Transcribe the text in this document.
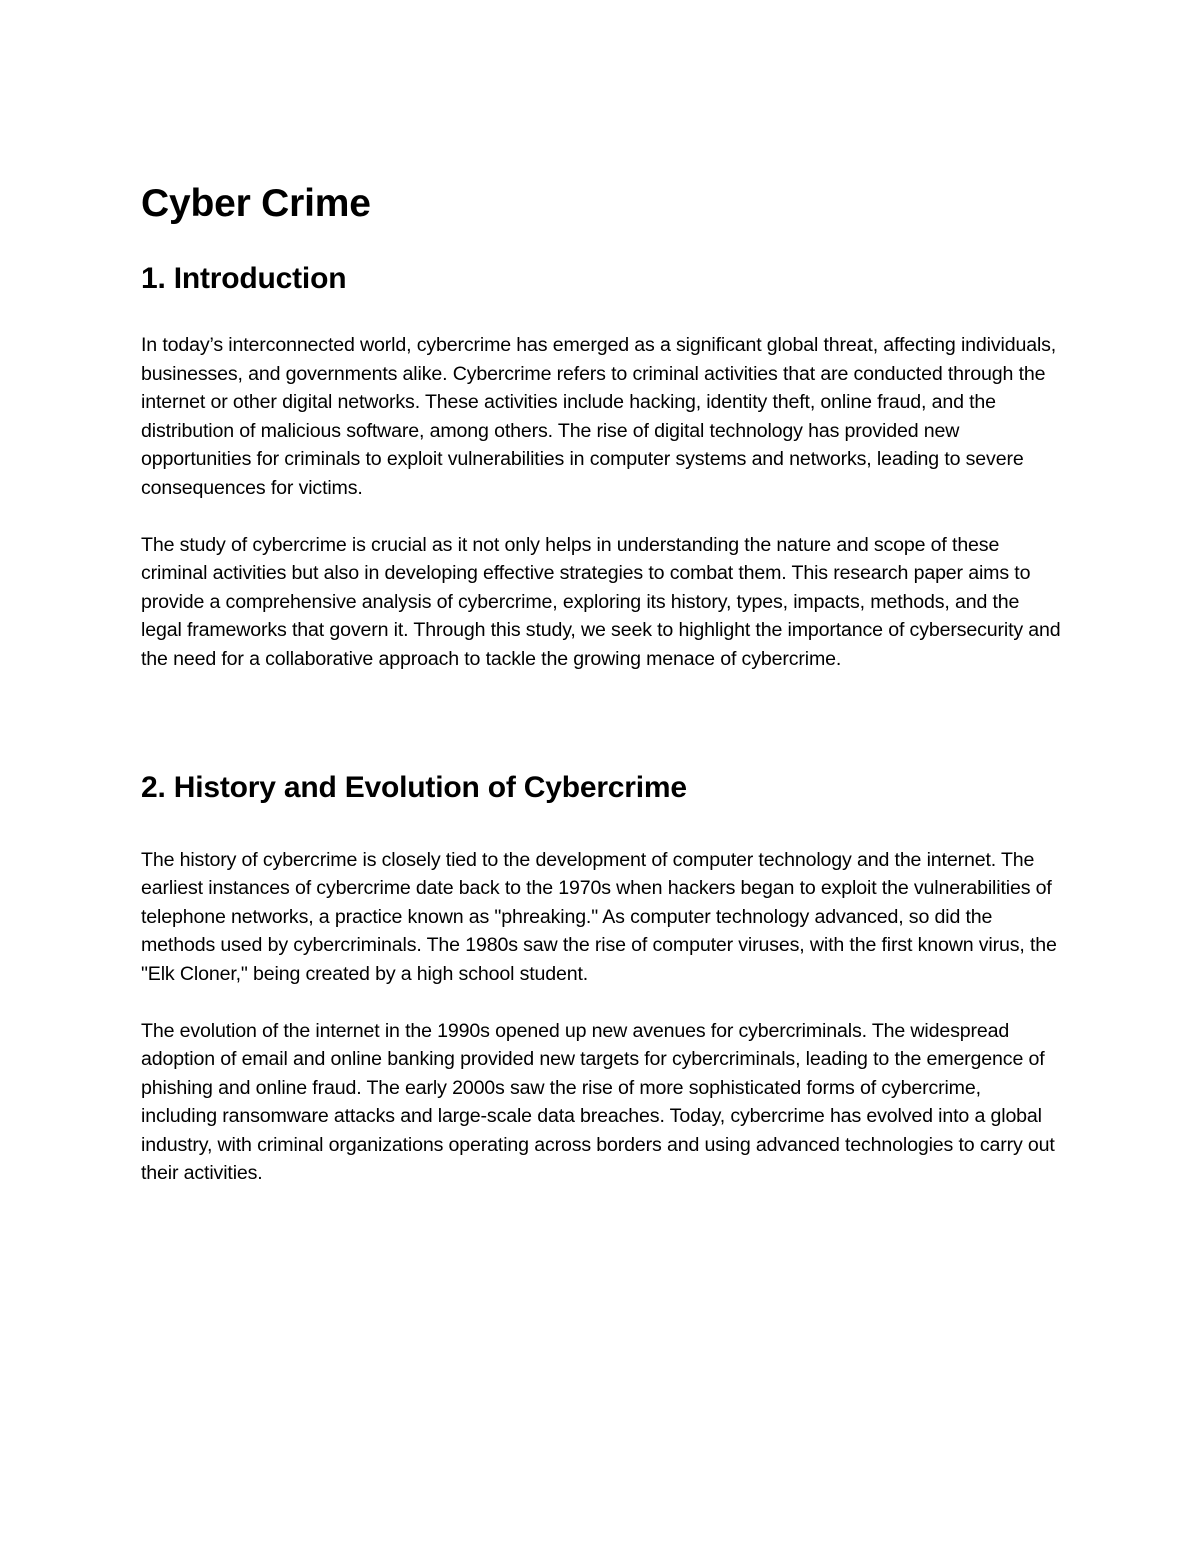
Cyber Crime
1. Introduction

In today’s interconnected world, cybercrime has emerged as a significant global threat, affecting individuals, businesses, and governments alike. Cybercrime refers to criminal activities that are conducted through the internet or other digital networks. These activities include hacking, identity theft, online fraud, and the distribution of malicious software, among others. The rise of digital technology has provided new opportunities for criminals to exploit vulnerabilities in computer systems and networks, leading to severe consequences for victims.

The study of cybercrime is crucial as it not only helps in understanding the nature and scope of these criminal activities but also in developing effective strategies to combat them. This research paper aims to provide a comprehensive analysis of cybercrime, exploring its history, types, impacts, methods, and the legal frameworks that govern it. Through this study, we seek to highlight the importance of cybersecurity and the need for a collaborative approach to tackle the growing menace of cybercrime.

2. History and Evolution of Cybercrime

The history of cybercrime is closely tied to the development of computer technology and the internet. The earliest instances of cybercrime date back to the 1970s when hackers began to exploit the vulnerabilities of telephone networks, a practice known as "phreaking." As computer technology advanced, so did the methods used by cybercriminals. The 1980s saw the rise of computer viruses, with the first known virus, the "Elk Cloner," being created by a high school student.

The evolution of the internet in the 1990s opened up new avenues for cybercriminals. The widespread adoption of email and online banking provided new targets for cybercriminals, leading to the emergence of phishing and online fraud. The early 2000s saw the rise of more sophisticated forms of cybercrime, including ransomware attacks and large-scale data breaches. Today, cybercrime has evolved into a global industry, with criminal organizations operating across borders and using advanced technologies to carry out their activities.
